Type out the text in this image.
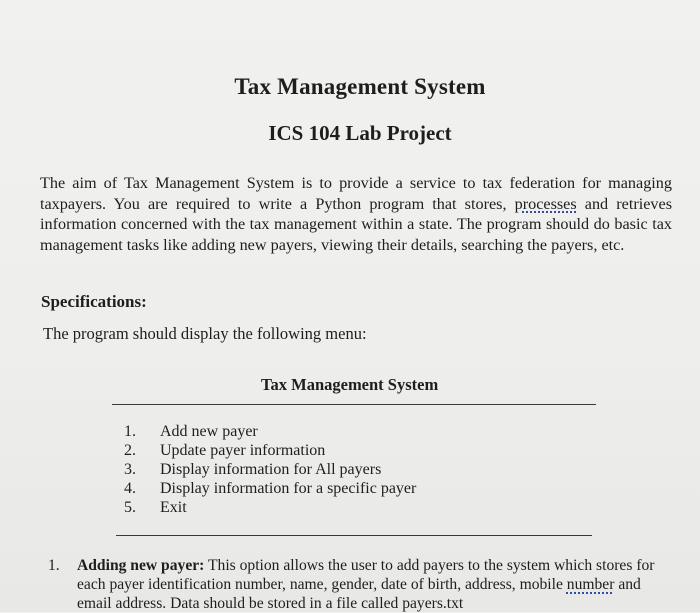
Tax Management System
ICS 104 Lab Project
The aim of Tax Management System is to provide a service to tax federation for managing taxpayers. You are required to write a Python program that stores, processes and retrieves information concerned with the tax management within a state. The program should do basic tax management tasks like adding new payers, viewing their details, searching the payers, etc.
Specifications:
The program should display the following menu:
Tax Management System
1.	Add new payer
2.	Update payer information
3.	Display information for All payers
4.	Display information for a specific payer
5.	Exit
1.	Adding new payer: This option allows the user to add payers to the system which stores for each payer identification number, name, gender, date of birth, address, mobile number and email address. Data should be stored in a file called payers.txt
